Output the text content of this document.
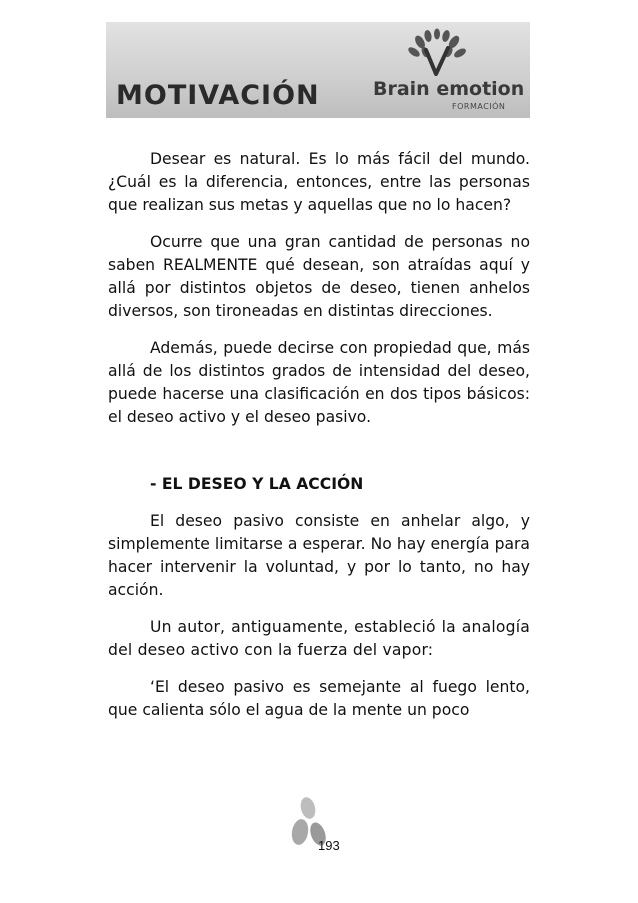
MOTIVACIÓN	Brain emotion
FORMACIÓN

Desear es natural. Es lo más fácil del mundo. ¿Cuál es la diferencia, entonces, entre las personas que realizan sus metas y aquellas que no lo hacen?

Ocurre que una gran cantidad de personas no saben REALMENTE qué desean, son atraídas aquí y allá por distintos objetos de deseo, tienen anhelos diversos, son tironeadas en distintas direcciones.

Además, puede decirse con propiedad que, más allá de los distintos grados de intensidad del deseo, puede hacerse una clasificación en dos tipos básicos: el deseo activo y el deseo pasivo.

- EL DESEO Y LA ACCIÓN

El deseo pasivo consiste en anhelar algo, y simplemente limitarse a esperar. No hay energía para hacer intervenir la voluntad, y por lo tanto, no hay acción.

Un autor, antiguamente, estableció la analogía del deseo activo con la fuerza del vapor:

‘El deseo pasivo es semejante al fuego lento, que calienta sólo el agua de la mente un poco

193
